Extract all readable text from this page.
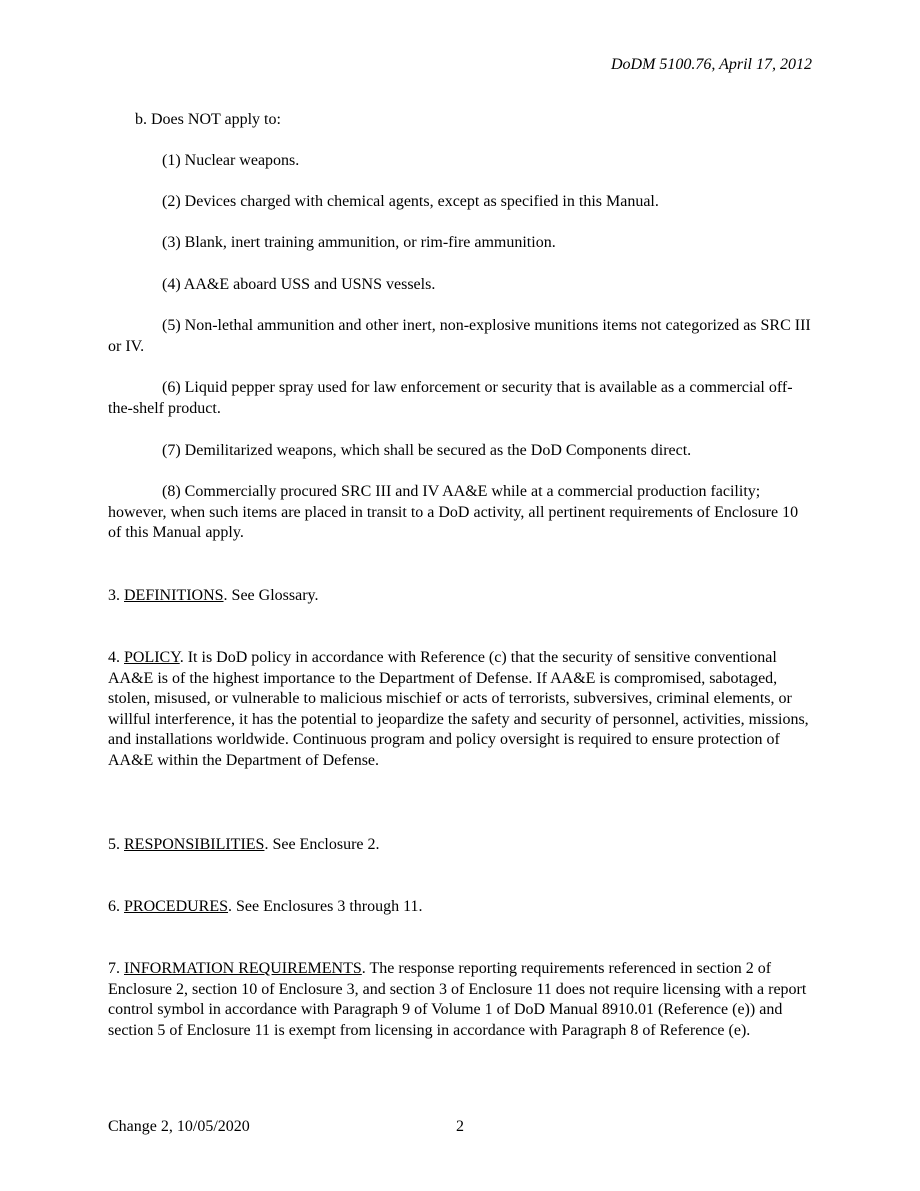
DoDM 5100.76, April 17, 2012

b. Does NOT apply to:

(1) Nuclear weapons.

(2) Devices charged with chemical agents, except as specified in this Manual.

(3) Blank, inert training ammunition, or rim-fire ammunition.

(4) AA&E aboard USS and USNS vessels.

(5) Non-lethal ammunition and other inert, non-explosive munitions items not categorized as SRC III or IV.

(6) Liquid pepper spray used for law enforcement or security that is available as a commercial off-the-shelf product.

(7) Demilitarized weapons, which shall be secured as the DoD Components direct.

(8) Commercially procured SRC III and IV AA&E while at a commercial production facility; however, when such items are placed in transit to a DoD activity, all pertinent requirements of Enclosure 10 of this Manual apply.

3. DEFINITIONS. See Glossary.

4. POLICY. It is DoD policy in accordance with Reference (c) that the security of sensitive conventional AA&E is of the highest importance to the Department of Defense. If AA&E is compromised, sabotaged, stolen, misused, or vulnerable to malicious mischief or acts of terrorists, subversives, criminal elements, or willful interference, it has the potential to jeopardize the safety and security of personnel, activities, missions, and installations worldwide. Continuous program and policy oversight is required to ensure protection of AA&E within the Department of Defense.

5. RESPONSIBILITIES. See Enclosure 2.

6. PROCEDURES. See Enclosures 3 through 11.

7. INFORMATION REQUIREMENTS. The response reporting requirements referenced in section 2 of Enclosure 2, section 10 of Enclosure 3, and section 3 of Enclosure 11 does not require licensing with a report control symbol in accordance with Paragraph 9 of Volume 1 of DoD Manual 8910.01 (Reference (e)) and section 5 of Enclosure 11 is exempt from licensing in accordance with Paragraph 8 of Reference (e).

Change 2, 10/05/2020	2
